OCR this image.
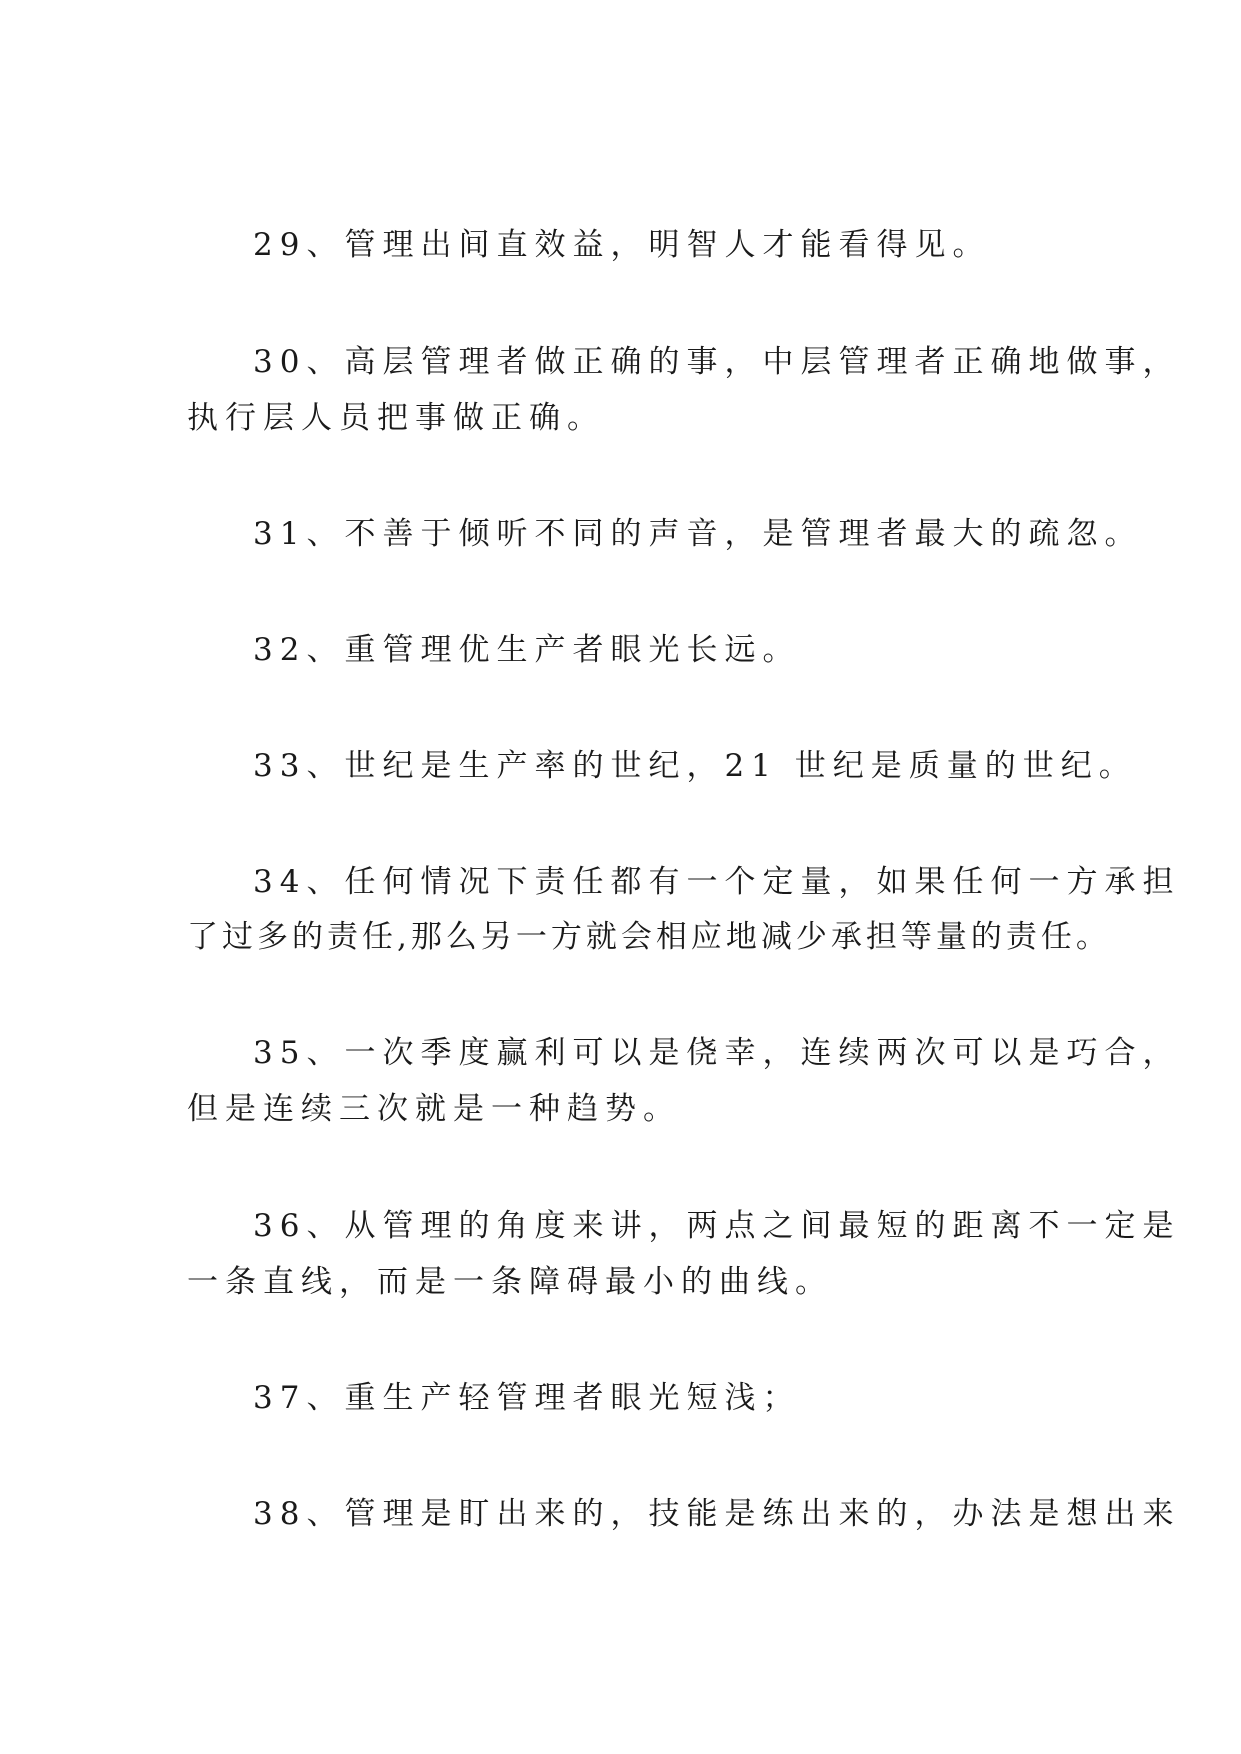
29、管理出间直效益，明智人才能看得见。
30、高层管理者做正确的事，中层管理者正确地做事，
执行层人员把事做正确。
31、不善于倾听不同的声音，是管理者最大的疏忽。
32、重管理优生产者眼光长远。
33、世纪是生产率的世纪，21 世纪是质量的世纪。
34、任何情况下责任都有一个定量，如果任何一方承担
了过多的责任,那么另一方就会相应地减少承担等量的责任。
35、一次季度赢利可以是侥幸，连续两次可以是巧合，
但是连续三次就是一种趋势。
36、从管理的角度来讲，两点之间最短的距离不一定是
一条直线，而是一条障碍最小的曲线。
37、重生产轻管理者眼光短浅；
38、管理是盯出来的，技能是练出来的，办法是想出来
